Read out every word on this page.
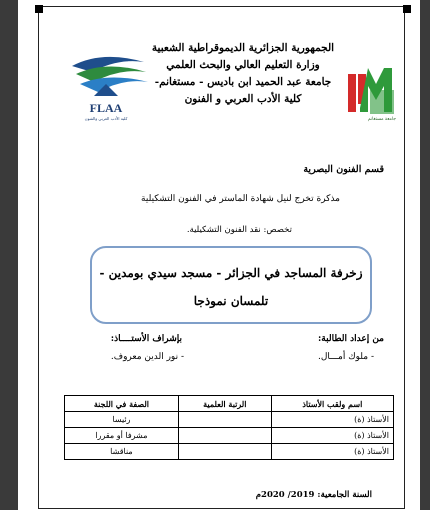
FLAA
كلية الأدب العربي والفنون	جامعة مستغانم
الجمهورية الجزائرية الديموقراطية الشعبية
وزارة التعليم العالي والبحث العلمي
جامعة عبد الحميد ابن باديس - مستغانم-
كلية الأدب العربي و الفنون
قسم الفنون البصرية
مذكرة تخرج لنيل شهادة الماستر في الفنون التشكيلية
تخصص: نقد الفنون التشكيلية.
زخرفة المساجد في الجزائر - مسجد سيدي بومدين -
تلمسان نموذجا
من إعداد الطالبة:
- ملوك أمـــال.
بإشراف الأستــــاذ:
- نور الدين معروف.
اسم ولقب الأستاذ	الرتبة العلمية	الصفة في اللجنة
الأستاذ (ة)		رئيسا
الأستاذ (ة)		مشرفا أو مقررا
الأستاذ (ة)		مناقشا
السنة الجامعية: 2019/ 2020م
